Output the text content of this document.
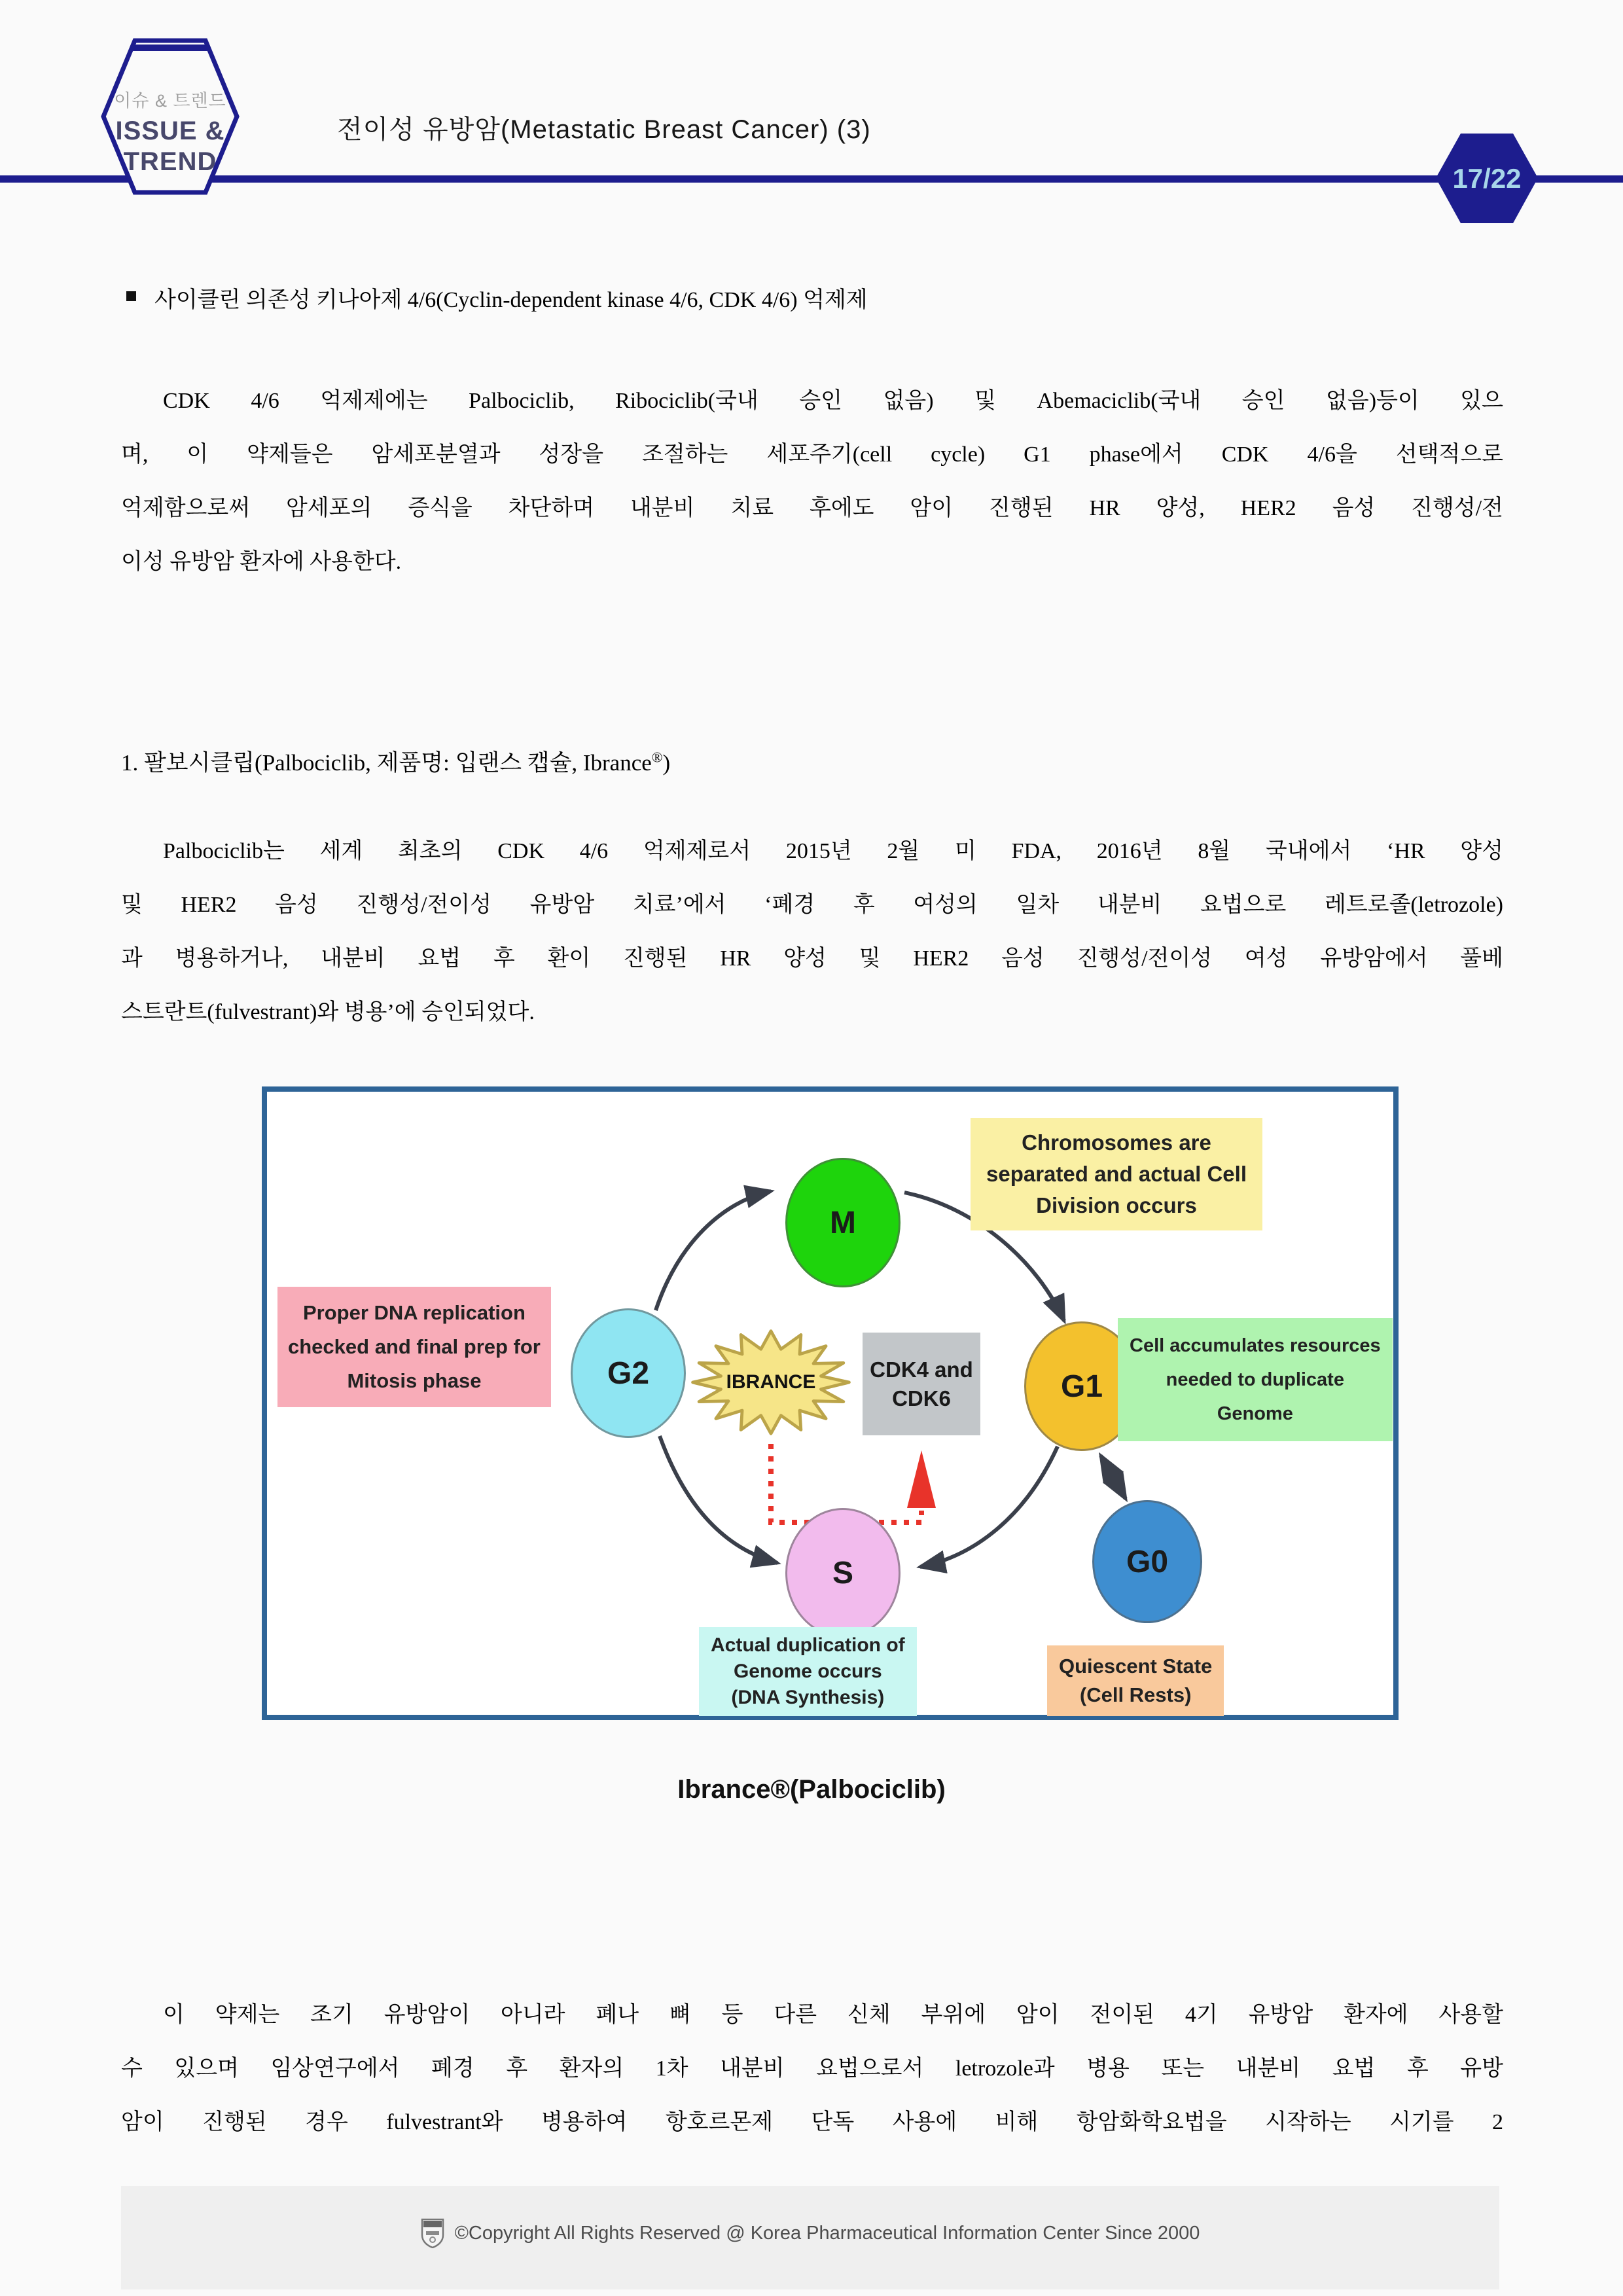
이슈 & 트렌드
ISSUE &
TREND
전이성 유방암(Metastatic Breast Cancer) (3)
17/22
사이클린 의존성 키나아제 4/6(Cyclin-dependent kinase 4/6, CDK 4/6) 억제제
CDK 4/6 억제제에는 Palbociclib, Ribociclib(국내 승인 없음) 및 Abemaciclib(국내 승인 없음)등이 있으
며, 이 약제들은 암세포분열과 성장을 조절하는 세포주기(cell cycle) G1 phase에서 CDK 4/6을 선택적으로
억제함으로써 암세포의 증식을 차단하며 내분비 치료 후에도 암이 진행된 HR 양성, HER2 음성 진행성/전
이성 유방암 환자에 사용한다.
1. 팔보시클립(Palbociclib, 제품명: 입랜스 캡슐, Ibrance®)
Palbociclib는 세계 최초의 CDK 4/6 억제제로서 2015년 2월 미 FDA, 2016년 8월 국내에서 ‘HR 양성
및 HER2 음성 진행성/전이성 유방암 치료’에서 ‘폐경 후 여성의 일차 내분비 요법으로 레트로졸(letrozole)
과 병용하거나, 내분비 요법 후 환이 진행된 HR 양성 및 HER2 음성 진행성/전이성 여성 유방암에서 풀베
스트란트(fulvestrant)와 병용’에 승인되었다.
M
G1
S
G2
G0
IBRANCE
CDK4 and
CDK6
Chromosomes are
separated and actual Cell
Division occurs
Proper DNA replication
checked and final prep for
Mitosis phase
Cell accumulates resources
needed to duplicate
Genome
Actual duplication of
Genome occurs
(DNA Synthesis)
Quiescent State
(Cell Rests)
Ibrance®(Palbociclib)
이 약제는 조기 유방암이 아니라 폐나 뼈 등 다른 신체 부위에 암이 전이된 4기 유방암 환자에 사용할
수 있으며 임상연구에서 폐경 후 환자의 1차 내분비 요법으로서 letrozole과 병용 또는 내분비 요법 후 유방
암이 진행된 경우 fulvestrant와 병용하여 항호르몬제 단독 사용에 비해 항암화학요법을 시작하는 시기를 2
©Copyright All Rights Reserved @ Korea Pharmaceutical Information Center Since 2000
